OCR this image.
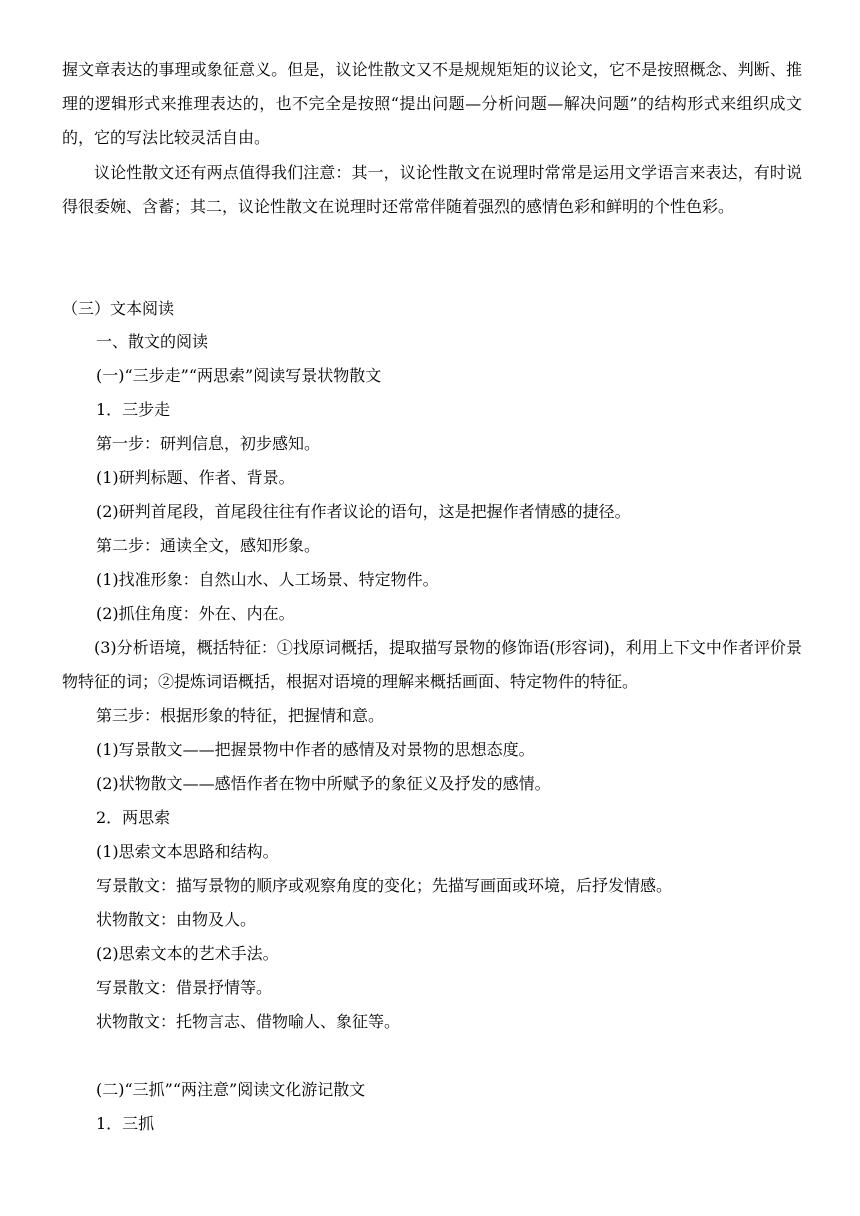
握文章表达的事理或象征意义。但是，议论性散文又不是规规矩矩的议论文，它不是按照概念、判断、推理的逻辑形式来推理表达的，也不完全是按照“提出问题—分析问题—解决问题”的结构形式来组织成文的，它的写法比较灵活自由。

议论性散文还有两点值得我们注意：其一，议论性散文在说理时常常是运用文学语言来表达，有时说得很委婉、含蓄；其二，议论性散文在说理时还常常伴随着强烈的感情色彩和鲜明的个性色彩。

（三）文本阅读

一、散文的阅读

(一)“三步走”“两思索”阅读写景状物散文

1．三步走

第一步：研判信息，初步感知。

(1)研判标题、作者、背景。

(2)研判首尾段，首尾段往往有作者议论的语句，这是把握作者情感的捷径。

第二步：通读全文，感知形象。

(1)找准形象：自然山水、人工场景、特定物件。

(2)抓住角度：外在、内在。

(3)分析语境，概括特征：①找原词概括，提取描写景物的修饰语(形容词)，利用上下文中作者评价景物特征的词；②提炼词语概括，根据对语境的理解来概括画面、特定物件的特征。

第三步：根据形象的特征，把握情和意。

(1)写景散文——把握景物中作者的感情及对景物的思想态度。

(2)状物散文——感悟作者在物中所赋予的象征义及抒发的感情。

2．两思索

(1)思索文本思路和结构。

写景散文：描写景物的顺序或观察角度的变化；先描写画面或环境，后抒发情感。

状物散文：由物及人。

(2)思索文本的艺术手法。

写景散文：借景抒情等。

状物散文：托物言志、借物喻人、象征等。

(二)“三抓”“两注意”阅读文化游记散文

1．三抓
